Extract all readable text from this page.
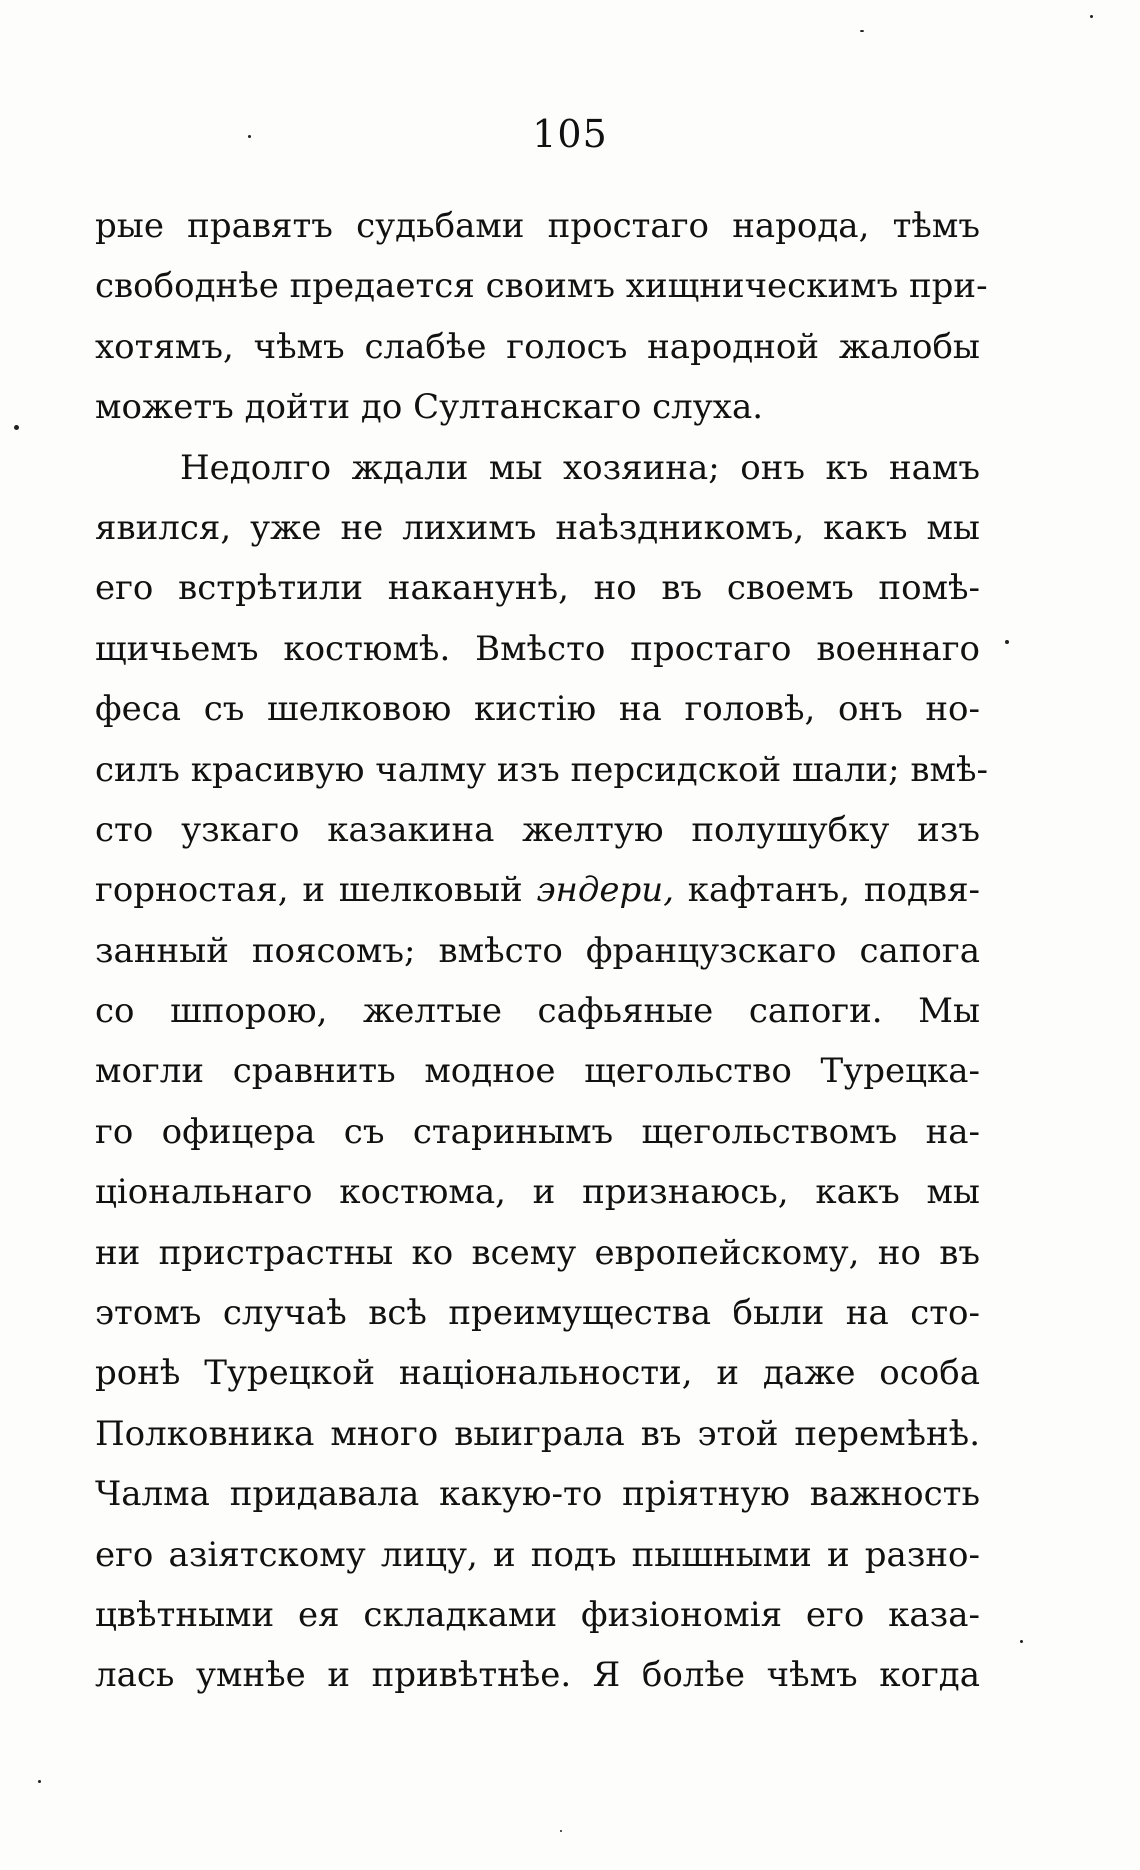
105
рые правятъ судьбами простаго народа, тѣмъ
свободнѣе предается своимъ хищническимъ при-
хотямъ, чѣмъ слабѣе голосъ народной жалобы
можетъ дойти до Султанскаго слуха.
Недолго ждали мы хозяина; онъ къ намъ
явился, уже не лихимъ наѣздникомъ, какъ мы
его встрѣтили наканунѣ, но въ своемъ помѣ-
щичьемъ костюмѣ. Вмѣсто простаго военнаго
феса съ шелковою кистію на головѣ, онъ но-
силъ красивую чалму изъ персидской шали; вмѣ-
сто узкаго казакина желтую полушубку изъ
горностая, и шелковый эндери, кафтанъ, подвя-
занный поясомъ; вмѣсто французскаго сапога
со шпорою, желтые сафьяные сапоги. Мы
могли сравнить модное щегольство Турецка-
го офицера съ старинымъ щегольствомъ на-
ціональнаго костюма, и признаюсь, какъ мы
ни пристрастны ко всему европейскому, но въ
этомъ случаѣ всѣ преимущества были на сто-
ронѣ Турецкой національности, и даже особа
Полковника много выиграла въ этой перемѣнѣ.
Чалма придавала какую-то пріятную важность
его азіятскому лицу, и подъ пышными и разно-
цвѣтными ея складками физіономія его казa-
лась умнѣе и привѣтнѣе. Я болѣе чѣмъ когда
